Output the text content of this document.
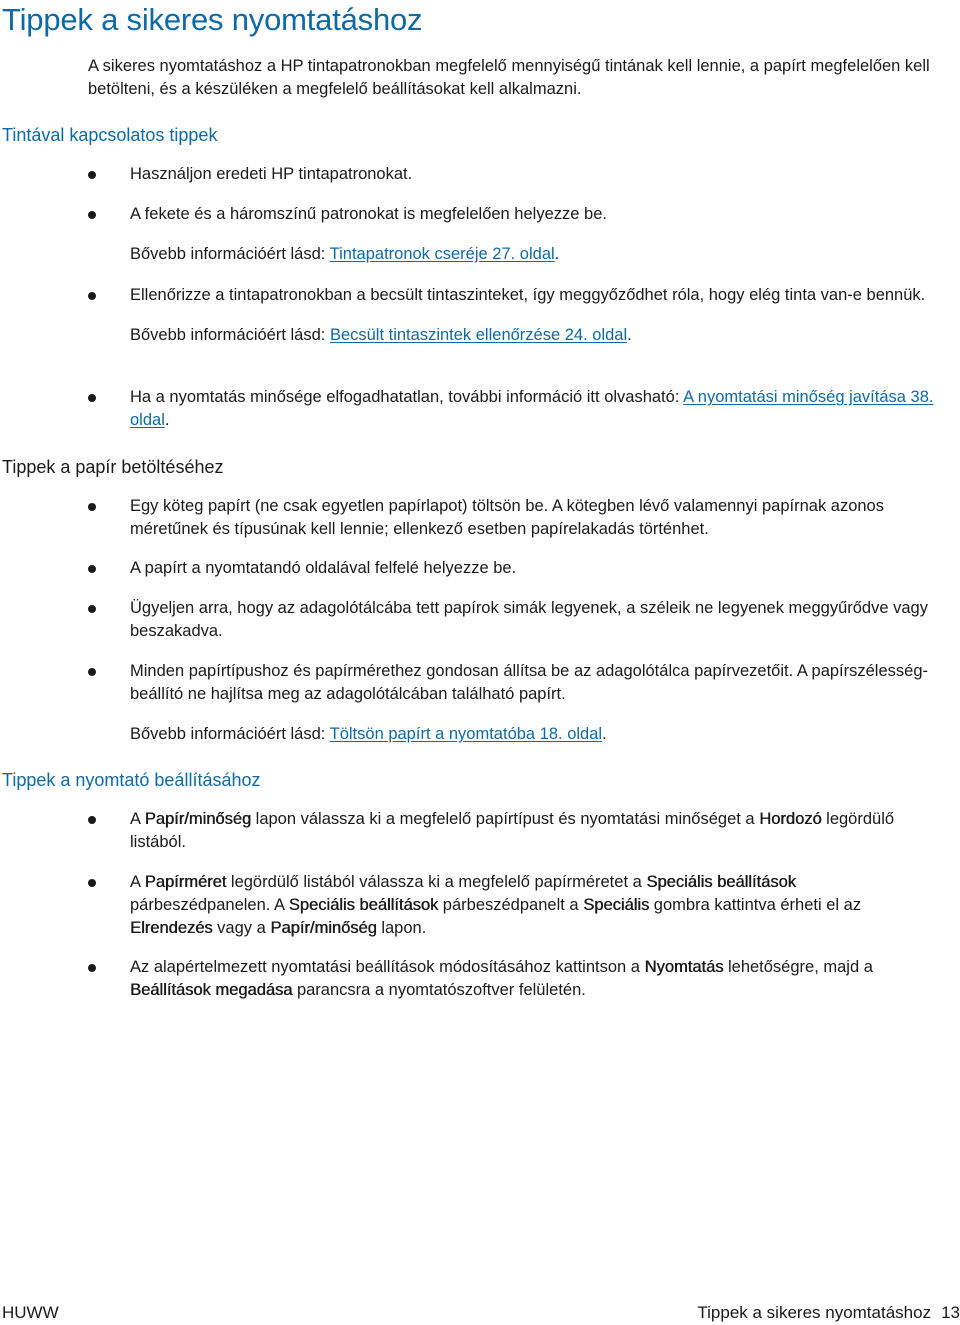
Tippek a sikeres nyomtatáshoz

A sikeres nyomtatáshoz a HP tintapatronokban megfelelő mennyiségű tintának kell lennie, a papírt megfelelően kell betölteni, és a készüléken a megfelelő beállításokat kell alkalmazni.

Tintával kapcsolatos tippek

Használjon eredeti HP tintapatronokat.

A fekete és a háromszínű patronokat is megfelelően helyezze be.

Bővebb információért lásd: Tintapatronok cseréje 27. oldal.

Ellenőrizze a tintapatronokban a becsült tintaszinteket, így meggyőződhet róla, hogy elég tinta van-e bennük.

Bővebb információért lásd: Becsült tintaszintek ellenőrzése 24. oldal.

Ha a nyomtatás minősége elfogadhatatlan, további információ itt olvasható: A nyomtatási minőség javítása 38. oldal.

Tippek a papír betöltéséhez

Egy köteg papírt (ne csak egyetlen papírlapot) töltsön be. A kötegben lévő valamennyi papírnak azonos méretűnek és típusúnak kell lennie; ellenkező esetben papírelakadás történhet.

A papírt a nyomtatandó oldalával felfelé helyezze be.

Ügyeljen arra, hogy az adagolótálcába tett papírok simák legyenek, a széleik ne legyenek meggyűrődve vagy beszakadva.

Minden papírtípushoz és papírmérethez gondosan állítsa be az adagolótálca papírvezetőit. A papírszélesség-beállító ne hajlítsa meg az adagolótálcában található papírt.

Bővebb információért lásd: Töltsön papírt a nyomtatóba 18. oldal.

Tippek a nyomtató beállításához

A Papír/minőség lapon válassza ki a megfelelő papírtípust és nyomtatási minőséget a Hordozó legördülő listából.

A Papírméret legördülő listából válassza ki a megfelelő papírméretet a Speciális beállítások párbeszédpanelen. A Speciális beállítások párbeszédpanelt a Speciális gombra kattintva érheti el az Elrendezés vagy a Papír/minőség lapon.

Az alapértelmezett nyomtatási beállítások módosításához kattintson a Nyomtatás lehetőségre, majd a Beállítások megadása parancsra a nyomtatószoftver felületén.

HUWW	Tippek a sikeres nyomtatáshoz 13
